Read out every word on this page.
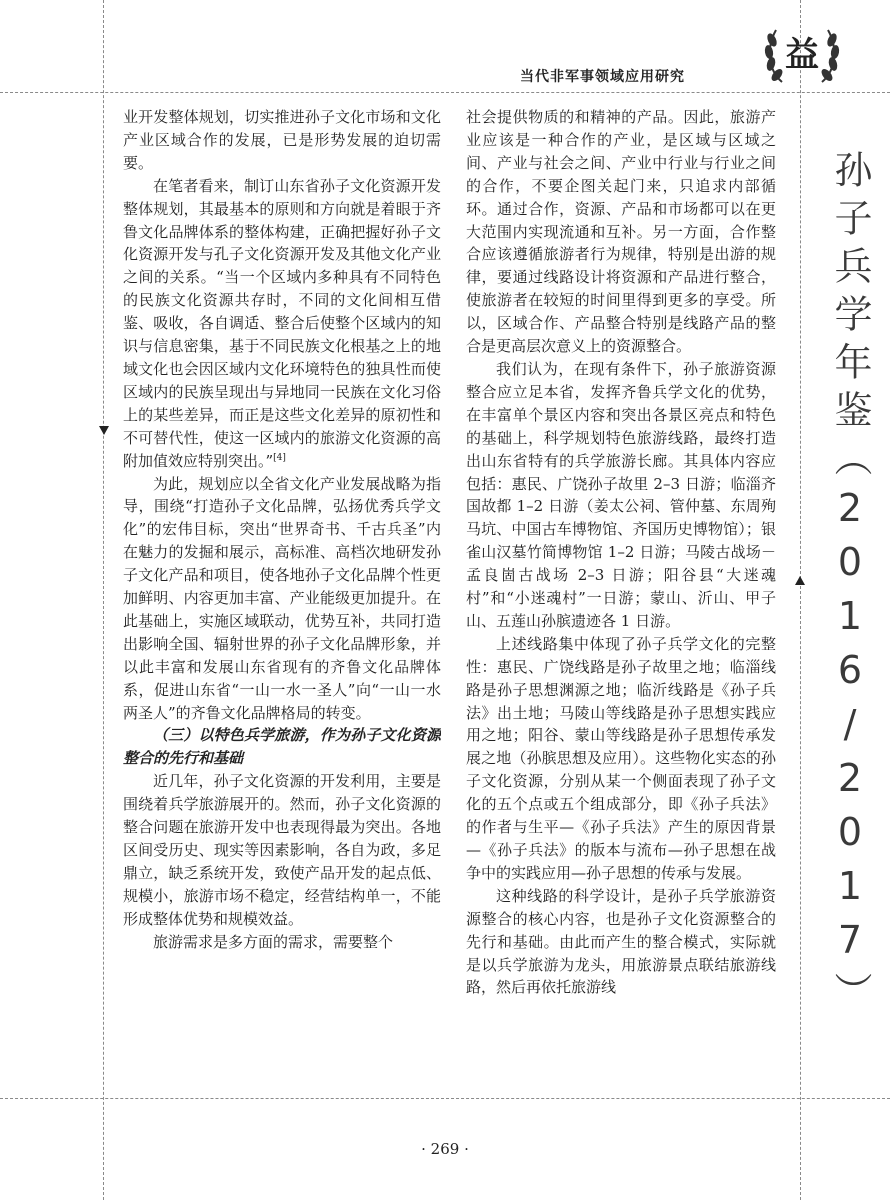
当代非军事领域应用研究
益
孙子兵学年鉴（2016/2017）

业开发整体规划，切实推进孙子文化市场和文化产业区域合作的发展，已是形势发展的迫切需要。

在笔者看来，制订山东省孙子文化资源开发整体规划，其最基本的原则和方向就是着眼于齐鲁文化品牌体系的整体构建，正确把握好孙子文化资源开发与孔子文化资源开发及其他文化产业之间的关系。“当一个区域内多种具有不同特色的民族文化资源共存时，不同的文化间相互借鉴、吸收，各自调适、整合后使整个区域内的知识与信息密集，基于不同民族文化根基之上的地域文化也会因区域内文化环境特色的独具性而使区域内的民族呈现出与异地同一民族在文化习俗上的某些差异，而正是这些文化差异的原初性和不可替代性，使这一区域内的旅游文化资源的高附加值效应特别突出。”[4]

为此，规划应以全省文化产业发展战略为指导，围绕“打造孙子文化品牌，弘扬优秀兵学文化”的宏伟目标，突出“世界奇书、千古兵圣”内在魅力的发掘和展示，高标准、高档次地研发孙子文化产品和项目，使各地孙子文化品牌个性更加鲜明、内容更加丰富、产业能级更加提升。在此基础上，实施区域联动，优势互补，共同打造出影响全国、辐射世界的孙子文化品牌形象，并以此丰富和发展山东省现有的齐鲁文化品牌体系，促进山东省“一山一水一圣人”向“一山一水两圣人”的齐鲁文化品牌格局的转变。

（三）以特色兵学旅游，作为孙子文化资源整合的先行和基础

近几年，孙子文化资源的开发利用，主要是围绕着兵学旅游展开的。然而，孙子文化资源的整合问题在旅游开发中也表现得最为突出。各地区间受历史、现实等因素影响，各自为政，多足鼎立，缺乏系统开发，致使产品开发的起点低、规模小，旅游市场不稳定，经营结构单一，不能形成整体优势和规模效益。

旅游需求是多方面的需求，需要整个

社会提供物质的和精神的产品。因此，旅游产业应该是一种合作的产业，是区域与区域之间、产业与社会之间、产业中行业与行业之间的合作，不要企图关起门来，只追求内部循环。通过合作，资源、产品和市场都可以在更大范围内实现流通和互补。另一方面，合作整合应该遵循旅游者行为规律，特别是出游的规律，要通过线路设计将资源和产品进行整合，使旅游者在较短的时间里得到更多的享受。所以，区域合作、产品整合特别是线路产品的整合是更高层次意义上的资源整合。

我们认为，在现有条件下，孙子旅游资源整合应立足本省，发挥齐鲁兵学文化的优势，在丰富单个景区内容和突出各景区亮点和特色的基础上，科学规划特色旅游线路，最终打造出山东省特有的兵学旅游长廊。其具体内容应包括：惠民、广饶孙子故里 2–3 日游；临淄齐国故都 1–2 日游（姜太公祠、管仲墓、东周殉马坑、中国古车博物馆、齐国历史博物馆）；银雀山汉墓竹简博物馆 1–2 日游；马陵古战场－孟良崮古战场 2–3 日游；阳谷县“大迷魂村”和“小迷魂村”一日游；蒙山、沂山、甲子山、五莲山孙膑遗迹各 1 日游。

上述线路集中体现了孙子兵学文化的完整性：惠民、广饶线路是孙子故里之地；临淄线路是孙子思想渊源之地；临沂线路是《孙子兵法》出土地；马陵山等线路是孙子思想实践应用之地；阳谷、蒙山等线路是孙子思想传承发展之地（孙膑思想及应用）。这些物化实态的孙子文化资源，分别从某一个侧面表现了孙子文化的五个点或五个组成部分，即《孙子兵法》的作者与生平—《孙子兵法》产生的原因背景—《孙子兵法》的版本与流布—孙子思想在战争中的实践应用—孙子思想的传承与发展。

这种线路的科学设计，是孙子兵学旅游资源整合的核心内容，也是孙子文化资源整合的先行和基础。由此而产生的整合模式，实际就是以兵学旅游为龙头，用旅游景点联结旅游线路，然后再依托旅游线

· 269 ·
